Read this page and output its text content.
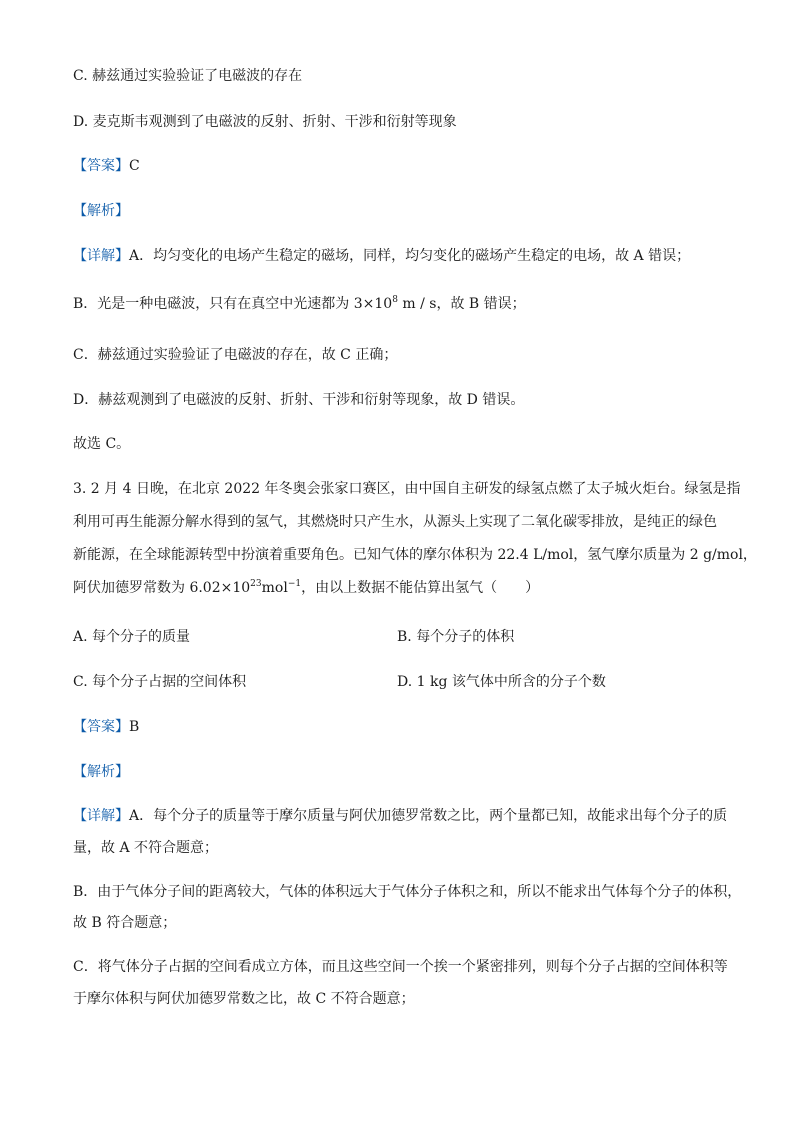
C. 赫兹通过实验验证了电磁波的存在
D. 麦克斯韦观测到了电磁波的反射、折射、干涉和衍射等现象
【答案】C
【解析】
【详解】A．均匀变化的电场产生稳定的磁场，同样，均匀变化的磁场产生稳定的电场，故 A 错误；
B．光是一种电磁波，只有在真空中光速都为 $3\times 10^8$ m / s，故 B 错误；
C．赫兹通过实验验证了电磁波的存在，故 C 正确；
D．赫兹观测到了电磁波的反射、折射、干涉和衍射等现象，故 D 错误。
故选 C。
3. 2 月 4 日晚，在北京 2022 年冬奥会张家口赛区，由中国自主研发的绿氢点燃了太子城火炬台。绿氢是指
利用可再生能源分解水得到的氢气，其燃烧时只产生水，从源头上实现了二氧化碳零排放，是纯正的绿色
新能源，在全球能源转型中扮演着重要角色。已知气体的摩尔体积为 22.4 L/mol，氢气摩尔质量为 2 g/mol，
阿伏加德罗常数为 $6.02\times 10^{23}mol^{-1}$，由以上数据不能估算出氢气（　　）
A. 每个分子的质量	B. 每个分子的体积
C. 每个分子占据的空间体积	D. 1 kg 该气体中所含的分子个数
【答案】B
【解析】
【详解】A．每个分子的质量等于摩尔质量与阿伏加德罗常数之比，两个量都已知，故能求出每个分子的质
量，故 A 不符合题意；
B．由于气体分子间的距离较大，气体的体积远大于气体分子体积之和，所以不能求出气体每个分子的体积，
故 B 符合题意；
C．将气体分子占据的空间看成立方体，而且这些空间一个挨一个紧密排列，则每个分子占据的空间体积等
于摩尔体积与阿伏加德罗常数之比，故 C 不符合题意；
